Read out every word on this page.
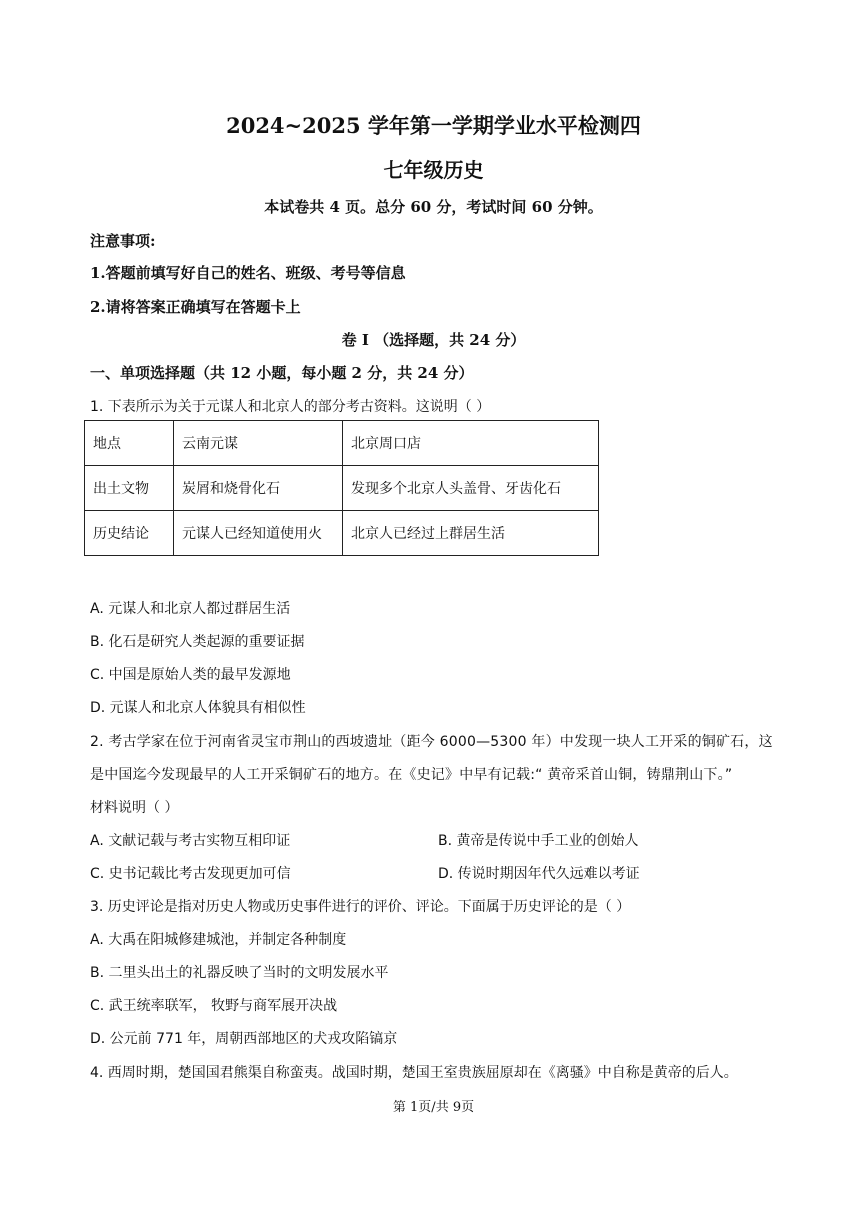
2024~2025 学年第一学期学业水平检测四
七年级历史
本试卷共 4 页。总分 60 分，考试时间 60 分钟。
注意事项:
1.答题前填写好自己的姓名、班级、考号等信息
2.请将答案正确填写在答题卡上
卷 I （选择题，共 24 分）
一、单项选择题（共 12 小题，每小题 2 分，共 24 分）
1. 下表所示为关于元谋人和北京人的部分考古资料。这说明（ ）
地点	云南元谋	北京周口店
出土文物	炭屑和烧骨化石	发现多个北京人头盖骨、牙齿化石
历史结论	元谋人已经知道使用火	北京人已经过上群居生活
A. 元谋人和北京人都过群居生活
B. 化石是研究人类起源的重要证据
C. 中国是原始人类的最早发源地
D. 元谋人和北京人体貌具有相似性
2. 考古学家在位于河南省灵宝市荆山的西坡遗址（距今 6000—5300 年）中发现一块人工开采的铜矿石，这
是中国迄今发现最早的人工开采铜矿石的地方。在《史记》中早有记载:“ 黄帝采首山铜，铸鼎荆山下。”
材料说明（ ）
A. 文献记载与考古实物互相印证	B. 黄帝是传说中手工业的创始人
C. 史书记载比考古发现更加可信	D. 传说时期因年代久远难以考证
3. 历史评论是指对历史人物或历史事件进行的评价、评论。下面属于历史评论的是（ ）
A. 大禹在阳城修建城池，并制定各种制度
B. 二里头出土的礼器反映了当时的文明发展水平
C. 武王统率联军， 牧野与商军展开决战
D. 公元前 771 年，周朝西部地区的犬戎攻陷镐京
4. 西周时期，楚国国君熊渠自称蛮夷。战国时期，楚国王室贵族屈原却在《离骚》中自称是黄帝的后人。
第 1页/共 9页
